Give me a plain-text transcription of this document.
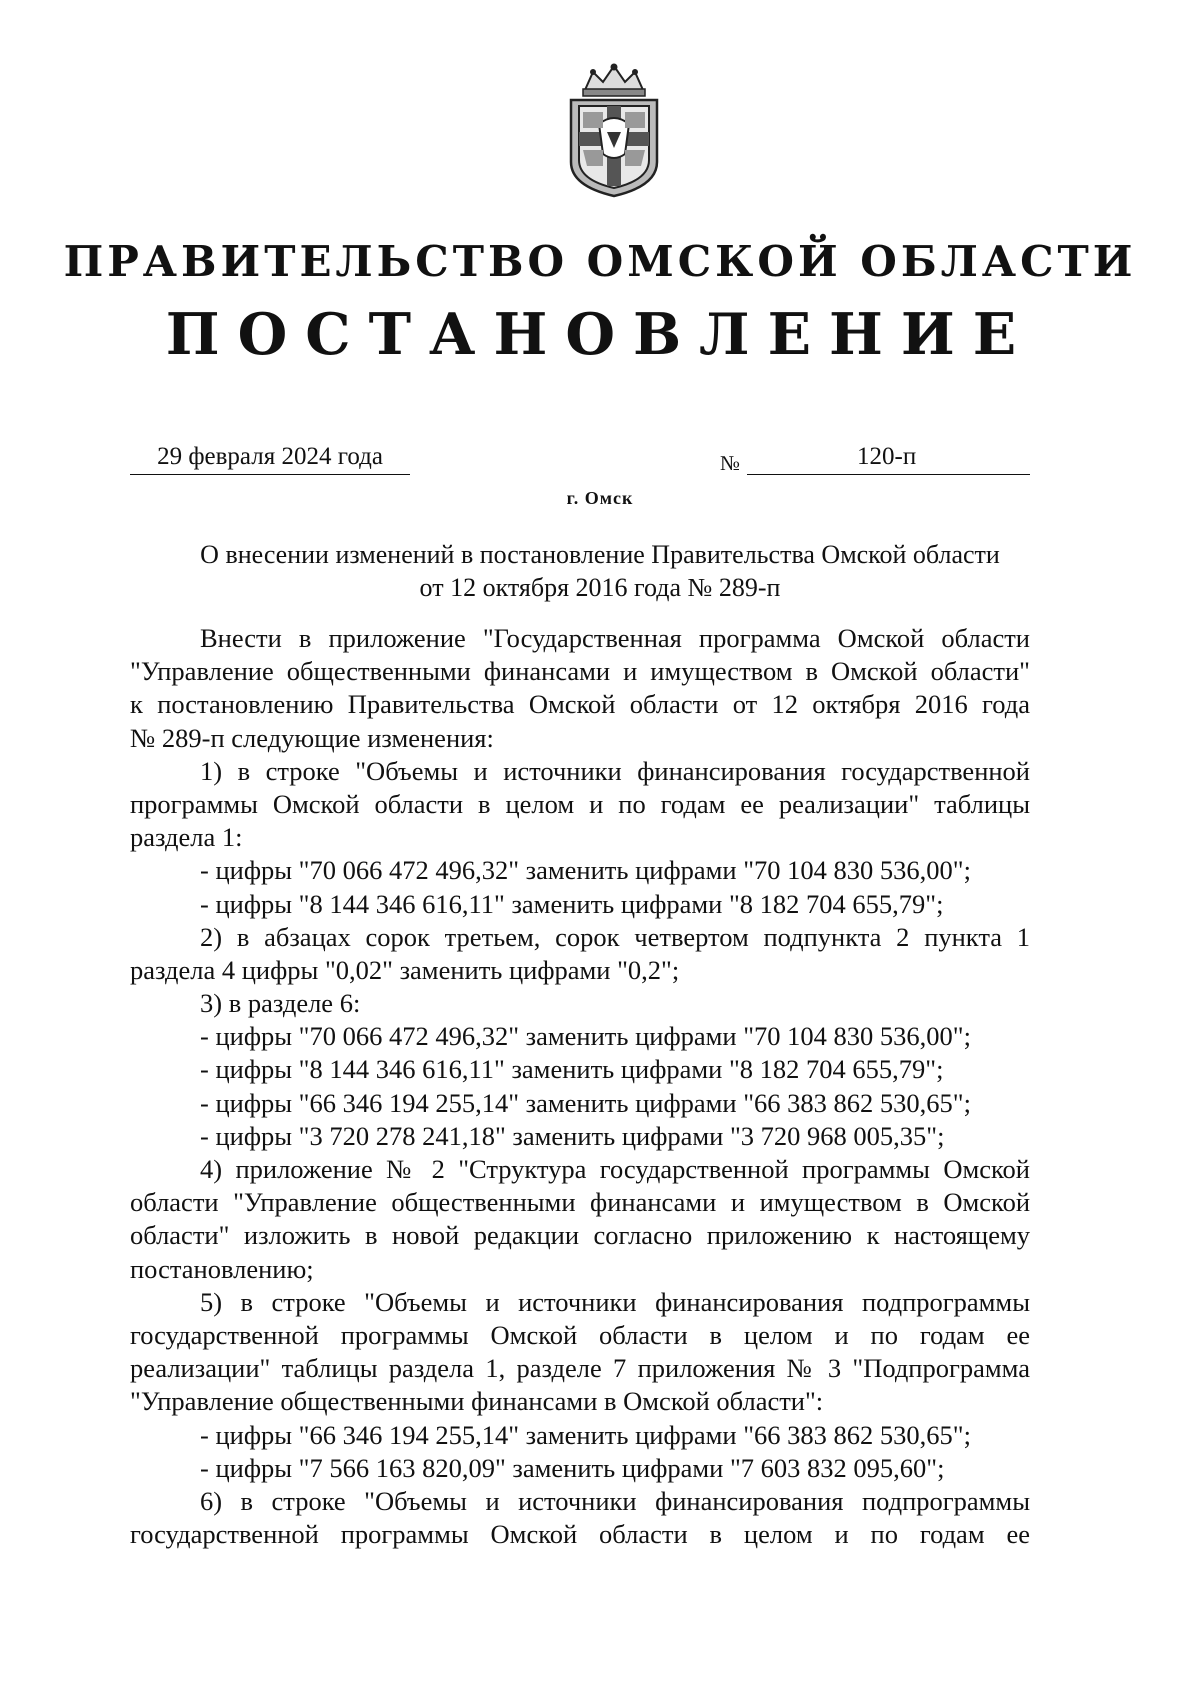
ПРАВИТЕЛЬСТВО ОМСКОЙ ОБЛАСТИ
ПОСТАНОВЛЕНИЕ
29 февраля 2024 года	№	120-п
г. Омск
О внесении изменений в постановление Правительства Омской области
от 12 октября 2016 года № 289-п
Внести в приложение "Государственная программа Омской области
"Управление общественными финансами и имуществом в Омской области"
к постановлению Правительства Омской области от 12 октября 2016 года
№ 289-п следующие изменения:
1) в строке "Объемы и источники финансирования государственной
программы Омской области в целом и по годам ее реализации" таблицы
раздела 1:
- цифры "70 066 472 496,32" заменить цифрами "70 104 830 536,00";
- цифры "8 144 346 616,11" заменить цифрами "8 182 704 655,79";
2) в абзацах сорок третьем, сорок четвертом подпункта 2 пункта 1
раздела 4 цифры "0,02" заменить цифрами "0,2";
3) в разделе 6:
- цифры "70 066 472 496,32" заменить цифрами "70 104 830 536,00";
- цифры "8 144 346 616,11" заменить цифрами "8 182 704 655,79";
- цифры "66 346 194 255,14" заменить цифрами "66 383 862 530,65";
- цифры "3 720 278 241,18" заменить цифрами "3 720 968 005,35";
4) приложение № 2 "Структура государственной программы Омской
области "Управление общественными финансами и имуществом в Омской
области" изложить в новой редакции согласно приложению к настоящему
постановлению;
5) в строке "Объемы и источники финансирования подпрограммы
государственной программы Омской области в целом и по годам ее
реализации" таблицы раздела 1, разделе 7 приложения № 3 "Подпрограмма
"Управление общественными финансами в Омской области":
- цифры "66 346 194 255,14" заменить цифрами "66 383 862 530,65";
- цифры "7 566 163 820,09" заменить цифрами "7 603 832 095,60";
6) в строке "Объемы и источники финансирования подпрограммы
государственной программы Омской области в целом и по годам ее
